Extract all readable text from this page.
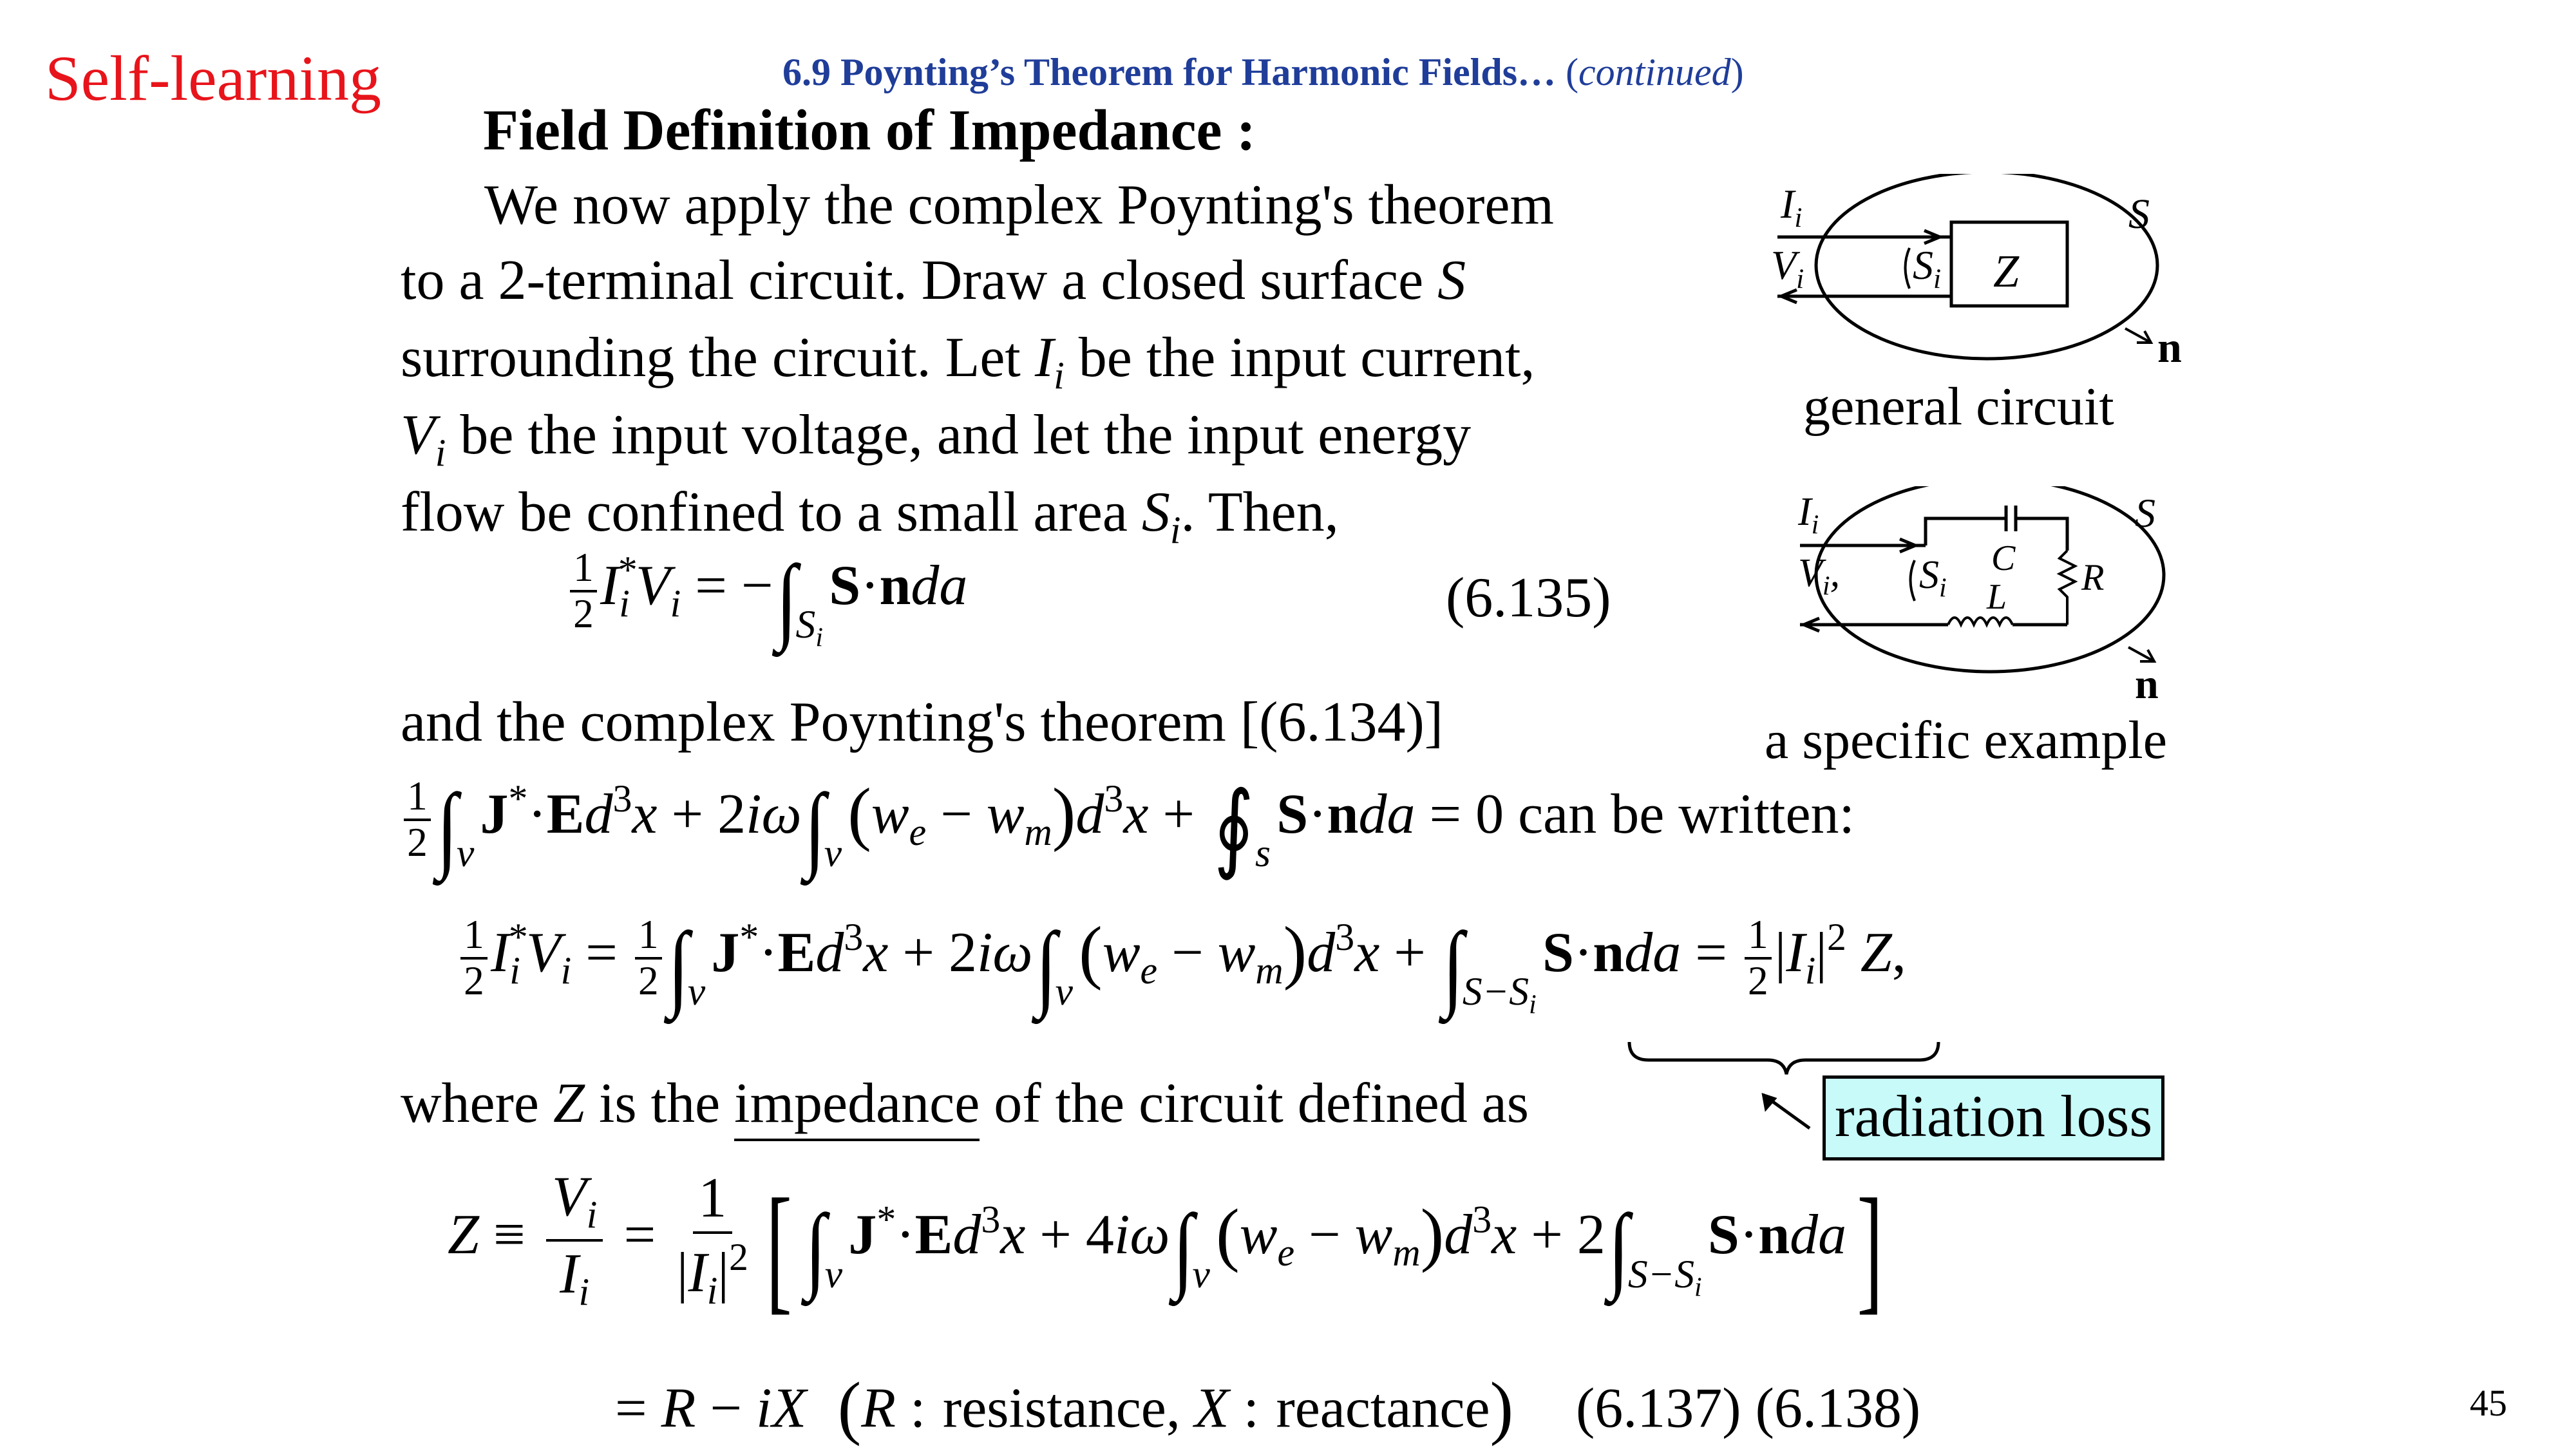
Self-learning	6.9 Poynting’s Theorem for Harmonic Fields… (continued)
Field Definition of Impedance :
We now apply the complex Poynting's theorem
to a 2-terminal circuit. Draw a closed surface S
surrounding the circuit. Let $I_i$ be the input current,
$V_i$ be the input voltage, and let the input energy
flow be confined to a small area $S_i$. Then,
$\frac{1}{2} I_i^*V_i = -\int_{S_i}S\cdot nda$	(6.135)
and the complex Poynting's theorem [(6.134)]
$\frac{1}{2} \int_vJ^*\cdot Ed^3x + 2i\omega\int_v(w_e - w_m)d^3x$ + $∮_sS\cdot nda = 0$ can be written:
$\frac{1}{2} I_i^*V_i = \frac{1}{2} \int_vJ^*\cdot Ed^3x + 2i\omega\int_v(w_e - w_m)d^3x + \int_{S-S_i}S\cdot nda = \frac{1}{2} |I_i|^2$ Z,
radiation loss
where Z is the impedance of the circuit defined as
$Z \equiv \frac{V_i}{I_i} = \frac{1}{|I_i|^2}$ [ $\int_vJ^*\cdot Ed^3x + 4i\omega\int_v(w_e - w_m)d^3x + 2\int_{S-S_i}S\cdot nda$]
= R − iX (R : resistance, X : reactance) (6.137) (6.138)	45
$I_i$
$V_i$	$S_i$ Z
S
n
general circuit
$I_i$
$V_i$, $S_i$
C R
L
S
n
a specific example
